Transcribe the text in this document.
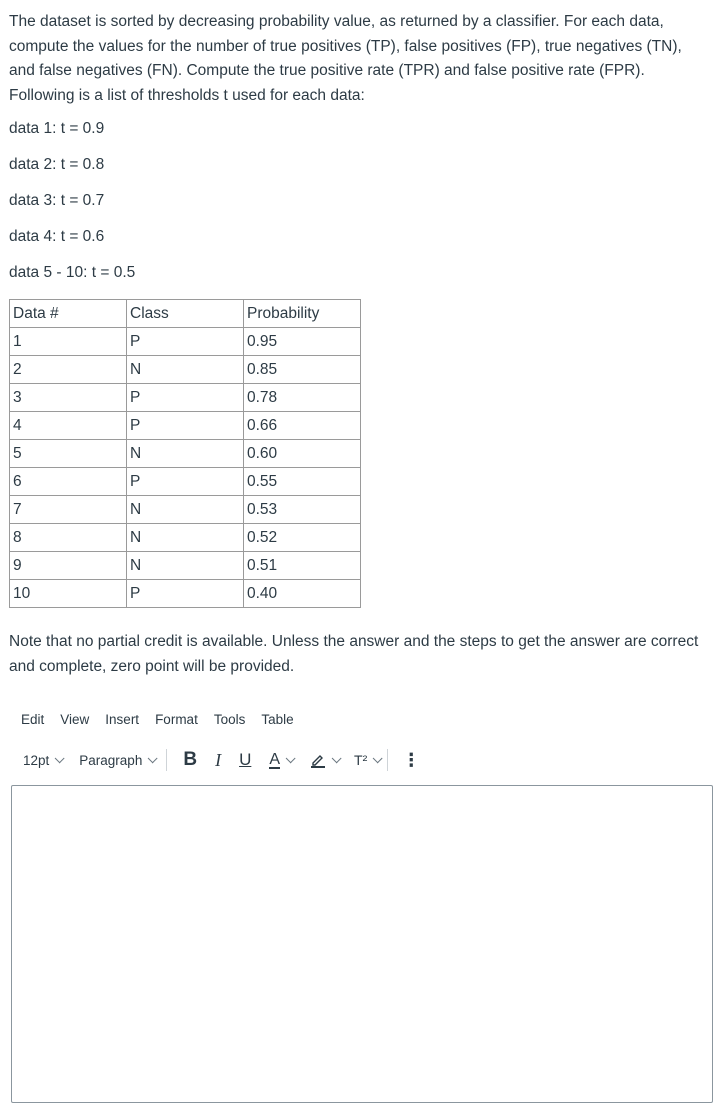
The dataset is sorted by decreasing probability value, as returned by a classifier. For each data, compute the values for the number of true positives (TP), false positives (FP), true negatives (TN), and false negatives (FN). Compute the true positive rate (TPR) and false positive rate (FPR). Following is a list of thresholds t used for each data:

data 1: t = 0.9

data 2: t = 0.8

data 3: t = 0.7

data 4: t = 0.6

data 5 - 10: t = 0.5

Data #	Class	Probability
1	P	0.95
2	N	0.85
3	P	0.78
4	P	0.66
5	N	0.60
6	P	0.55
7	N	0.53
8	N	0.52
9	N	0.51
10	P	0.40

Note that no partial credit is available. Unless the answer and the steps to get the answer are correct and complete, zero point will be provided.

Edit View Insert Format Tools Table
12pt Paragraph B I U A	T² ⋮
